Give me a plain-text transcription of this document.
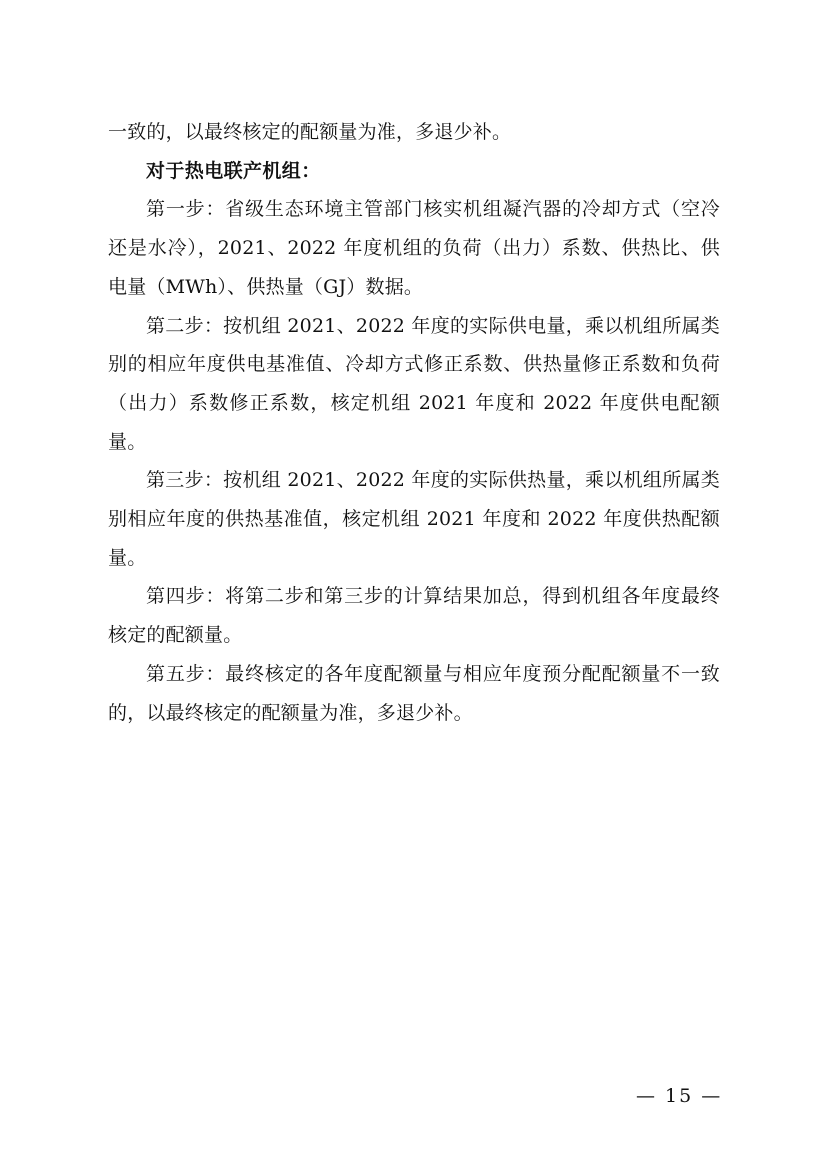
一致的，以最终核定的配额量为准，多退少补。

对于热电联产机组：

第一步：省级生态环境主管部门核实机组凝汽器的冷却方式（空冷还是水冷），2021、2022 年度机组的负荷（出力）系数、供热比、供电量（MWh）、供热量（GJ）数据。

第二步：按机组 2021、2022 年度的实际供电量，乘以机组所属类别的相应年度供电基准值、冷却方式修正系数、供热量修正系数和负荷（出力）系数修正系数，核定机组 2021 年度和 2022 年度供电配额量。

第三步：按机组 2021、2022 年度的实际供热量，乘以机组所属类别相应年度的供热基准值，核定机组 2021 年度和 2022 年度供热配额量。

第四步：将第二步和第三步的计算结果加总，得到机组各年度最终核定的配额量。

第五步：最终核定的各年度配额量与相应年度预分配配额量不一致的，以最终核定的配额量为准，多退少补。

— 15 —
